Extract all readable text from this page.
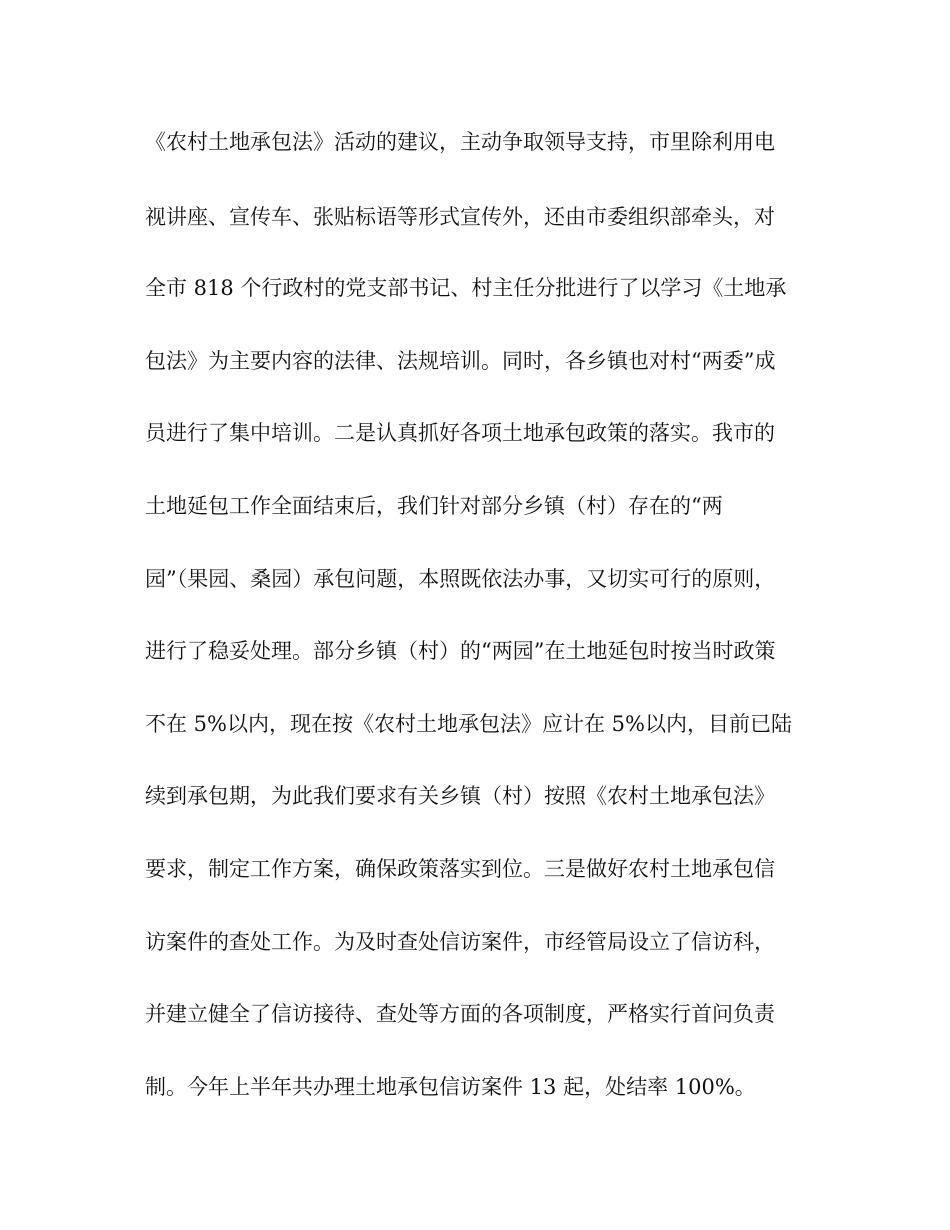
《农村土地承包法》活动的建议，主动争取领导支持，市里除利用电
视讲座、宣传车、张贴标语等形式宣传外，还由市委组织部牵头，对
全市 818 个行政村的党支部书记、村主任分批进行了以学习《土地承
包法》为主要内容的法律、法规培训。同时，各乡镇也对村“两委”成
员进行了集中培训。二是认真抓好各项土地承包政策的落实。我市的
土地延包工作全面结束后，我们针对部分乡镇（村）存在的“两
园”（果园、桑园）承包问题，本照既依法办事，又切实可行的原则，
进行了稳妥处理。部分乡镇（村）的“两园”在土地延包时按当时政策
不在 5%以内，现在按《农村土地承包法》应计在 5%以内，目前已陆
续到承包期，为此我们要求有关乡镇（村）按照《农村土地承包法》
要求，制定工作方案，确保政策落实到位。三是做好农村土地承包信
访案件的查处工作。为及时查处信访案件，市经管局设立了信访科，
并建立健全了信访接待、查处等方面的各项制度，严格实行首问负责
制。今年上半年共办理土地承包信访案件 13 起，处结率 100%。
